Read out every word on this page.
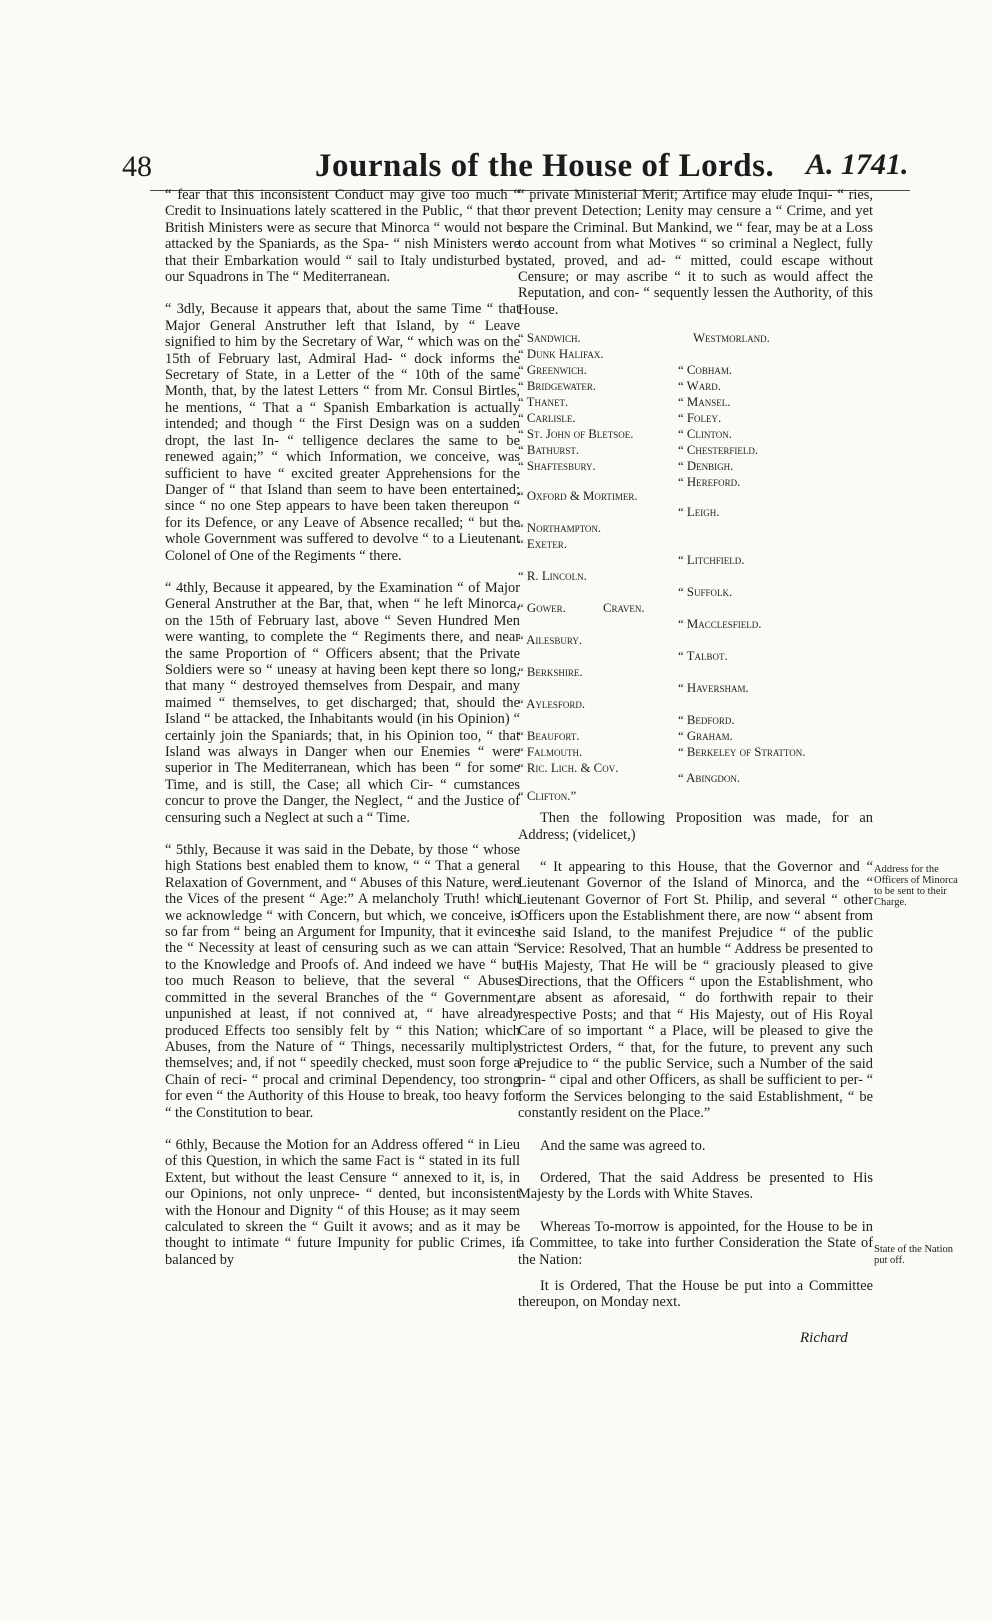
48	Journals of the House of Lords. A. 1741.

“ fear that this inconsistent Conduct may give too much “ Credit to Insinuations lately scattered in the Public, “ that the British Ministers were as secure that Minorca “ would not be attacked by the Spaniards, as the Spa- “ nish Ministers were that their Embarkation would “ sail to Italy undisturbed by our Squadrons in The “ Mediterranean.

“ 3dly, Because it appears that, about the same Time “ that Major General Anstruther left that Island, by “ Leave signified to him by the Secretary of War, “ which was on the 15th of February last, Admiral Had- “ dock informs the Secretary of State, in a Letter of the “ 10th of the same Month, that, by the latest Letters “ from Mr. Consul Birtles, he mentions, “ That a “ Spanish Embarkation is actually intended; and though “ the First Design was on a sudden dropt, the last In- “ telligence declares the same to be renewed again;” “ which Information, we conceive, was sufficient to have “ excited greater Apprehensions for the Danger of “ that Island than seem to have been entertained; since “ no one Step appears to have been taken thereupon “ for its Defence, or any Leave of Absence recalled; “ but the whole Government was suffered to devolve “ to a Lieutenant Colonel of One of the Regiments “ there.

“ 4thly, Because it appeared, by the Examination “ of Major General Anstruther at the Bar, that, when “ he left Minorca, on the 15th of February last, above “ Seven Hundred Men were wanting, to complete the “ Regiments there, and near the same Proportion of “ Officers absent; that the Private Soldiers were so “ uneasy at having been kept there so long, that many “ destroyed themselves from Despair, and many maimed “ themselves, to get discharged; that, should the Island “ be attacked, the Inhabitants would (in his Opinion) “ certainly join the Spaniards; that, in his Opinion too, “ that Island was always in Danger when our Enemies “ were superior in The Mediterranean, which has been “ for some Time, and is still, the Case; all which Cir- “ cumstances concur to prove the Danger, the Neglect, “ and the Justice of censuring such a Neglect at such a “ Time.

“ 5thly, Because it was said in the Debate, by those “ whose high Stations best enabled them to know, “ “ That a general Relaxation of Government, and “ Abuses of this Nature, were the Vices of the present “ Age:” A melancholy Truth! which we acknowledge “ with Concern, but which, we conceive, is so far from “ being an Argument for Impunity, that it evinces the “ Necessity at least of censuring such as we can attain “ to the Knowledge and Proofs of. And indeed we have “ but too much Reason to believe, that the several “ Abuses committed in the several Branches of the “ Government, unpunished at least, if not connived at, “ have already produced Effects too sensibly felt by “ this Nation; which Abuses, from the Nature of “ Things, necessarily multiply themselves; and, if not “ speedily checked, must soon forge a Chain of reci- “ procal and criminal Dependency, too strong for even “ the Authority of this House to break, too heavy for “ the Constitution to bear.

“ 6thly, Because the Motion for an Address offered “ in Lieu of this Question, in which the same Fact is “ stated in its full Extent, but without the least Censure “ annexed to it, is, in our Opinions, not only unprece- “ dented, but inconsistent with the Honour and Dignity “ of this House; as it may seem calculated to skreen the “ Guilt it avows; and as it may be thought to intimate “ future Impunity for public Crimes, if balanced by

“ private Ministerial Merit; Artifice may elude Inqui- “ ries, or prevent Detection; Lenity may censure a “ Crime, and yet spare the Criminal. But Mankind, we “ fear, may be at a Loss to account from what Motives “ so criminal a Neglect, fully stated, proved, and ad- “ mitted, could escape without Censure; or may ascribe “ it to such as would affect the Reputation, and con- “ sequently lessen the Authority, of this House.

“ Sandwich.
“ Dunk Halifax.
“ Greenwich.
“ Bridgewater.
“ Thanet.
“ Carlisle.
“ St. John of Bletsoe.
“ Bathurst.
“ Shaftesbury.
“ Oxford & Mortimer.
“ Northampton.
“ Exeter.
“ R. Lincoln.
“ Gower.	Craven.
“ Ailesbury.
“ Berkshire.
“ Aylesford.
“ Beaufort.
“ Falmouth.
“ Ric. Lich. & Cov.
“ Clifton.”
Westmorland.
“ Cobham.
“ Ward.
“ Mansel.
“ Foley.
“ Clinton.
“ Chesterfield.
“ Denbigh.
“ Hereford.
“ Leigh.
“ Litchfield.
“ Suffolk.
“ Macclesfield.
“ Talbot.
“ Haversham.
“ Bedford.
“ Graham.
“ Berkeley of Stratton.
“ Abingdon.

Then the following Proposition was made, for an Address; (videlicet,)

“ It appearing to this House, that the Governor and “ Lieutenant Governor of the Island of Minorca, and the “ Lieutenant Governor of Fort St. Philip, and several “ other Officers upon the Establishment there, are now “ absent from the said Island, to the manifest Prejudice “ of the public Service: Resolved, That an humble “ Address be presented to His Majesty, That He will be “ graciously pleased to give Directions, that the Officers “ upon the Establishment, who are absent as aforesaid, “ do forthwith repair to their respective Posts; and that “ His Majesty, out of His Royal Care of so important “ a Place, will be pleased to give the strictest Orders, “ that, for the future, to prevent any such Prejudice to “ the public Service, such a Number of the said prin- “ cipal and other Officers, as shall be sufficient to per- “ form the Services belonging to the said Establishment, “ be constantly resident on the Place.”

And the same was agreed to.

Ordered, That the said Address be presented to His Majesty by the Lords with White Staves.

Whereas To-morrow is appointed, for the House to be in a Committee, to take into further Consideration the State of the Nation:

It is Ordered, That the House be put into a Committee thereupon, on Monday next.

Address for the Officers of Minorca to be sent to their Charge.
State of the Nation put off.
Richard
